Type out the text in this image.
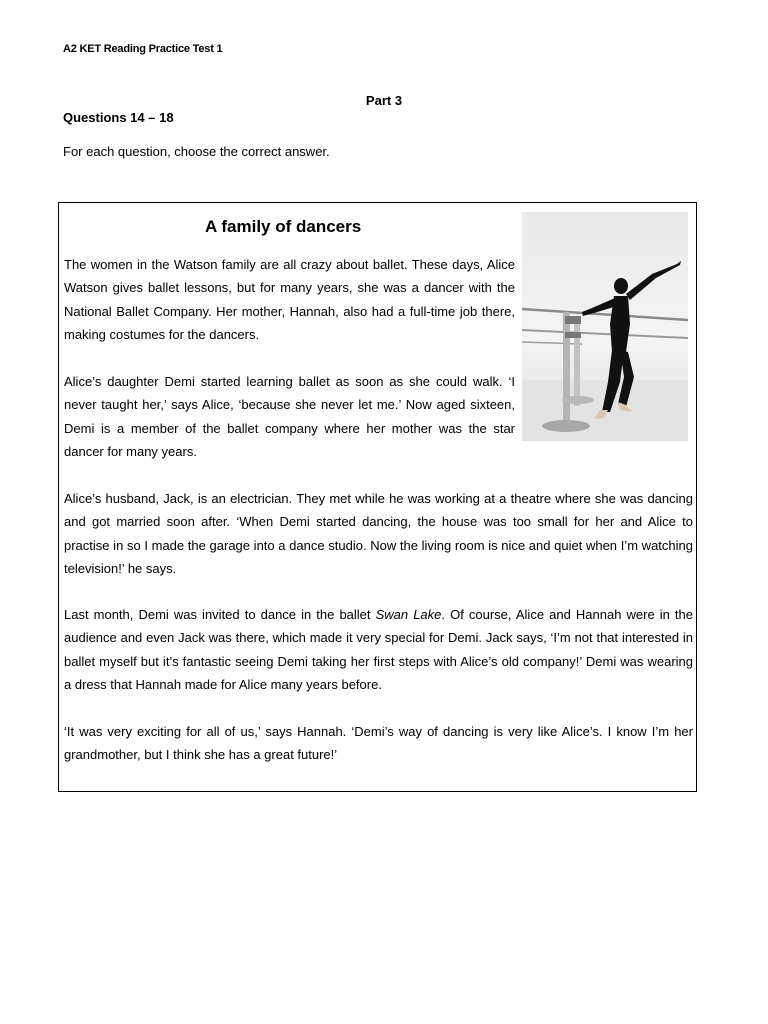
A2 KET Reading Practice Test 1
Part 3
Questions 14 – 18
For each question, choose the correct answer.
A family of dancers

The women in the Watson family are all crazy about ballet. These days, Alice Watson gives ballet lessons, but for many years, she was a dancer with the National Ballet Company. Her mother, Hannah, also had a full-time job there, making costumes for the dancers.

Alice’s daughter Demi started learning ballet as soon as she could walk. ‘I never taught her,’ says Alice, ‘because she never let me.’ Now aged sixteen, Demi is a member of the ballet company where her mother was the star dancer for many years.

Alice’s husband, Jack, is an electrician. They met while he was working at a theatre where she was dancing and got married soon after. ‘When Demi started dancing, the house was too small for her and Alice to practise in so I made the garage into a dance studio. Now the living room is nice and quiet when I’m watching television!’ he says.

Last month, Demi was invited to dance in the ballet Swan Lake. Of course, Alice and Hannah were in the audience and even Jack was there, which made it very special for Demi. Jack says, ‘I’m not that interested in ballet myself but it’s fantastic seeing Demi taking her first steps with Alice’s old company!’ Demi was wearing a dress that Hannah made for Alice many years before.

‘It was very exciting for all of us,’ says Hannah. ‘Demi’s way of dancing is very like Alice’s. I know I’m her grandmother, but I think she has a great future!’
